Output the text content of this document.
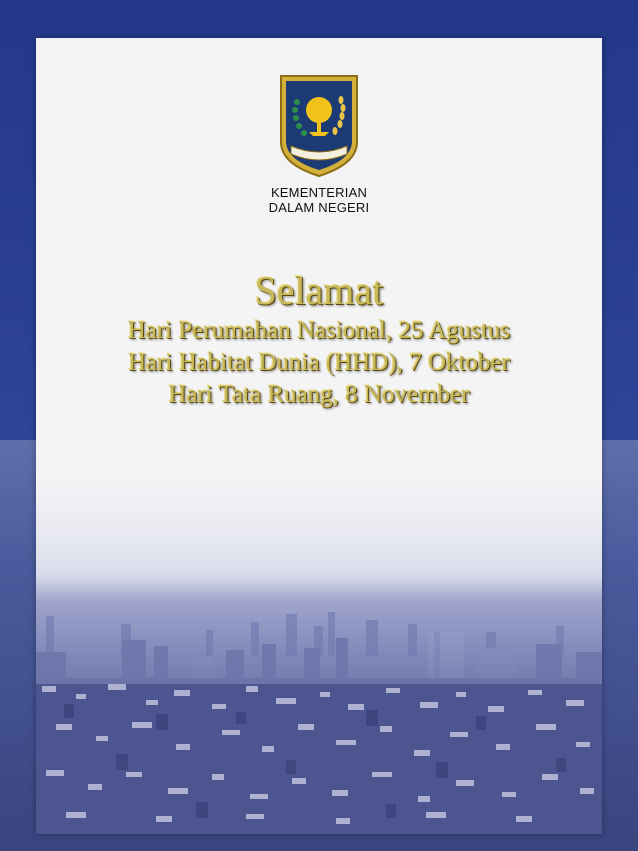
KEMENTERIAN
DALAM NEGERI
Selamat
Hari Perumahan Nasional, 25 Agustus
Hari Habitat Dunia (HHD), 7 Oktober
Hari Tata Ruang, 8 November
